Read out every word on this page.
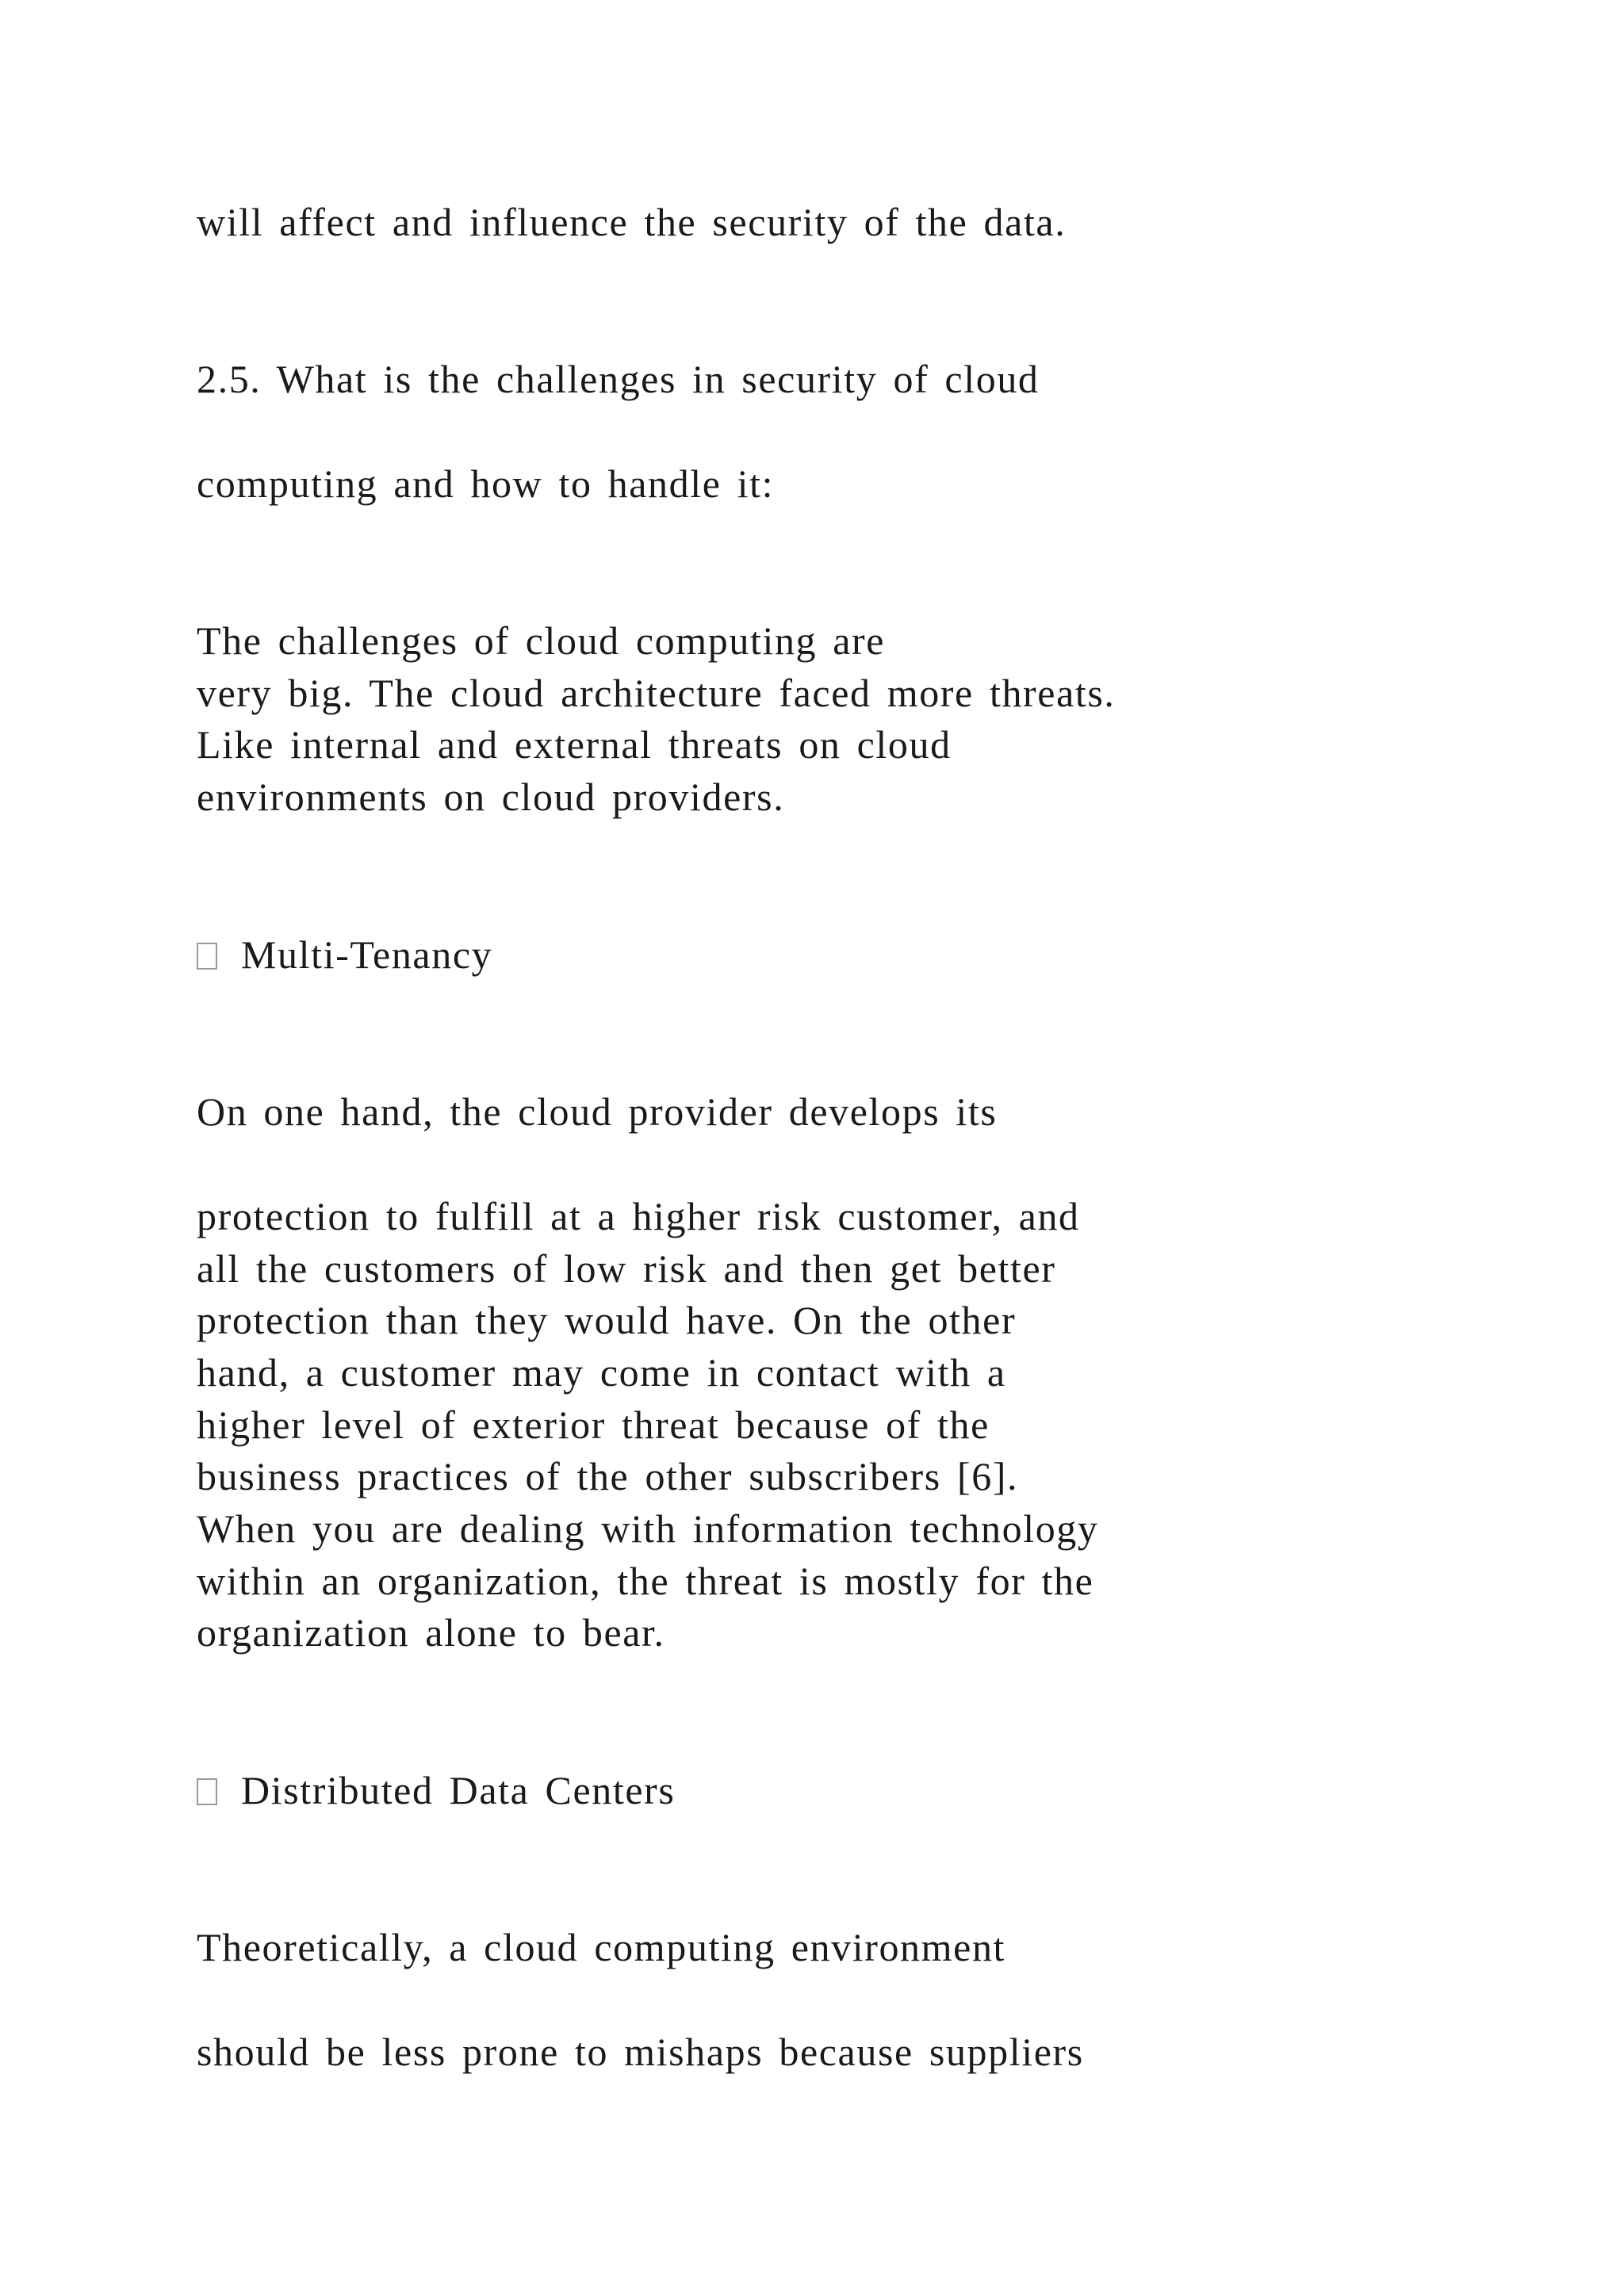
will affect and influence the security of the data.
2.5. What is the challenges in security of cloud
computing and how to handle it:
The challenges of cloud computing are
very big. The cloud architecture faced more threats.
Like internal and external threats on cloud
environments on cloud providers.
Multi-Tenancy
On one hand, the cloud provider develops its
protection to fulfill at a higher risk customer, and
all the customers of low risk and then get better
protection than they would have. On the other
hand, a customer may come in contact with a
higher level of exterior threat because of the
business practices of the other subscribers [6].
When you are dealing with information technology
within an organization, the threat is mostly for the
organization alone to bear.
Distributed Data Centers
Theoretically, a cloud computing environment
should be less prone to mishaps because suppliers
